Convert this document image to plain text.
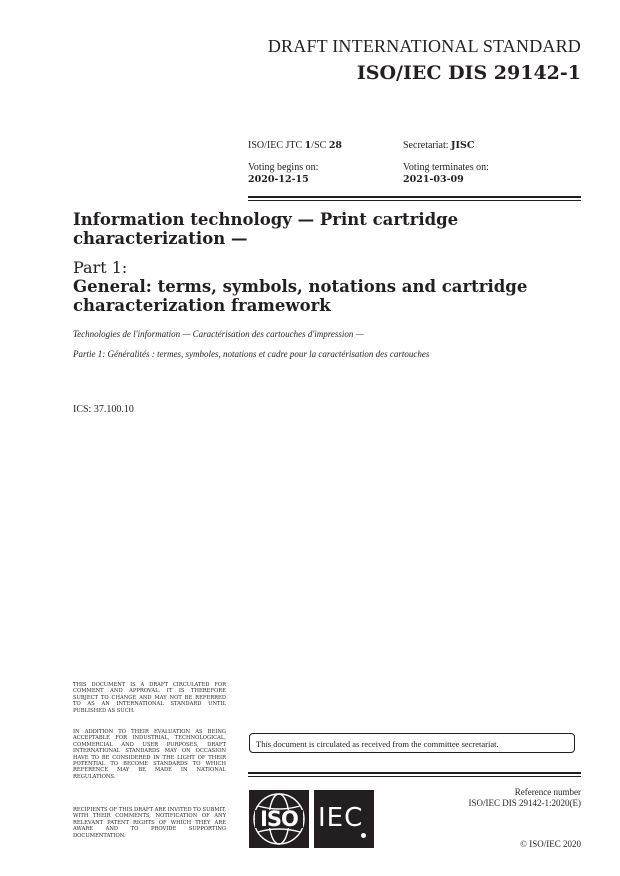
DRAFT INTERNATIONAL STANDARD
ISO/IEC DIS 29142-1
ISO/IEC JTC 1/SC 28	Secretariat: JISC
Voting begins on:
2020-12-15
Voting terminates on:
2021-03-09
Information technology — Print cartridge
characterization —
Part 1:
General: terms, symbols, notations and cartridge
characterization framework
Technologies de l'information — Caractérisation des cartouches d'impression —
Partie 1: Généralités : termes, symboles, notations et cadre pour la caractérisation des cartouches
ICS: 37.100.10
THIS DOCUMENT IS A DRAFT CIRCULATED FOR COMMENT AND APPROVAL. IT IS THEREFORE SUBJECT TO CHANGE AND MAY NOT BE REFERRED TO AS AN INTERNATIONAL STANDARD UNTIL PUBLISHED AS SUCH.
IN ADDITION TO THEIR EVALUATION AS BEING ACCEPTABLE FOR INDUSTRIAL, TECHNOLOGICAL, COMMERCIAL AND USER PURPOSES, DRAFT INTERNATIONAL STANDARDS MAY ON OCCASION HAVE TO BE CONSIDERED IN THE LIGHT OF THEIR POTENTIAL TO BECOME STANDARDS TO WHICH REFERENCE MAY BE MADE IN NATIONAL REGULATIONS.
RECIPIENTS OF THIS DRAFT ARE INVITED TO SUBMIT, WITH THEIR COMMENTS, NOTIFICATION OF ANY RELEVANT PATENT RIGHTS OF WHICH THEY ARE AWARE AND TO PROVIDE SUPPORTING DOCUMENTATION.
This document is circulated as received from the committee secretariat.
ISO IEC
Reference number
ISO/IEC DIS 29142-1:2020(E)
© ISO/IEC 2020
